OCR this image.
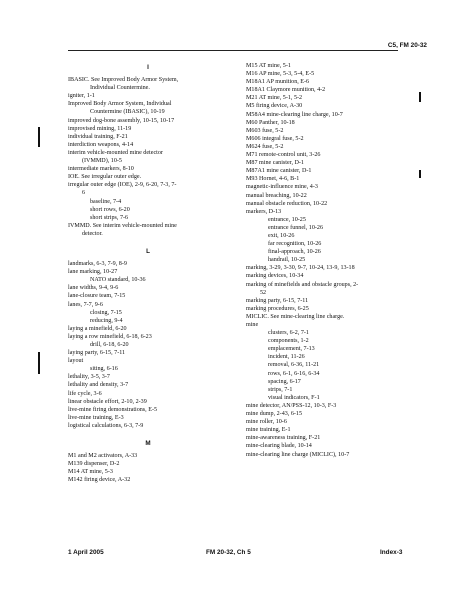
C5, FM 20-32
I
IBASIC. See Improved Body Armor System,
Individual Countermine.
igniter, 1-1
Improved Body Armor System, Individual
Countermine (IBASIC), 10-19
improved dog-bone assembly, 10-15, 10-17
improvised mining, 11-19
individual training, F-21
interdiction weapons, 4-14
interim vehicle-mounted mine detector
(IVMMD), 10-5
intermediate markers, 8-10
IOE. See irregular outer edge.
irregular outer edge (IOE), 2-9, 6-20, 7-3, 7-
6
baseline, 7-4
short rows, 6-20
short strips, 7-6
IVMMD. See interim vehicle-mounted mine
detector.
L
landmarks, 6-3, 7-9, 8-9
lane marking, 10-27
NATO standard, 10-36
lane widths, 9-4, 9-6
lane-closure team, 7-15
lanes, 7-7, 9-6
closing, 7-15
reducing, 9-4
laying a minefield, 6-20
laying a row minefield, 6-18, 6-23
drill, 6-18, 6-20
laying party, 6-15, 7-11
layout
siting, 6-16
lethality, 3-5, 3-7
lethality and density, 3-7
life cycle, 3-6
linear obstacle effort, 2-10, 2-39
live-mine firing demonstrations, E-5
live-mine training, E-3
logistical calculations, 6-3, 7-9
M
M1 and M2 activators, A-33
M139 dispenser, D-2
M14 AT mine, 5-3
M142 firing device, A-32
M15 AT mine, 5-1
M16 AP mine, 5-3, 5-4, E-5
M18A1 AP munition, E-6
M18A1 Claymore munition, 4-2
M21 AT mine, 5-1, 5-2
M5 firing device, A-30
M58A4 mine-clearing line charge, 10-7
M60 Panther, 10-18
M603 fuse, 5-2
M606 integral fuse, 5-2
M624 fuse, 5-2
M71 remote-control unit, 3-26
M87 mine canister, D-1
M87A1 mine canister, D-1
M93 Hornet, 4-6, B-1
magnetic-influence mine, 4-3
manual breaching, 10-22
manual obstacle reduction, 10-22
markers, D-13
entrance, 10-25
entrance funnel, 10-26
exit, 10-26
far recognition, 10-26
final-approach, 10-26
handrail, 10-25
marking, 3-29, 3-30, 9-7, 10-24, 13-9, 13-18
marking devices, 10-34
marking of minefields and obstacle groups, 2-
52
marking party, 6-15, 7-11
marking procedures, 6-25
MICLIC. See mine-clearing line charge.
mine
clusters, 6-2, 7-1
components, 1-2
emplacement, 7-13
incident, 11-26
removal, 6-36, 11-21
rows, 6-1, 6-16, 6-34
spacing, 6-17
strips, 7-1
visual indicators, F-1
mine detector, AN/PSS-12, 10-3, F-3
mine dump, 2-43, 6-15
mine roller, 10-6
mine training, E-1
mine-awareness training, F-21
mine-clearing blade, 10-14
mine-clearing line charge (MICLIC), 10-7
1 April 2005	FM 20-32, Ch 5	Index-3
